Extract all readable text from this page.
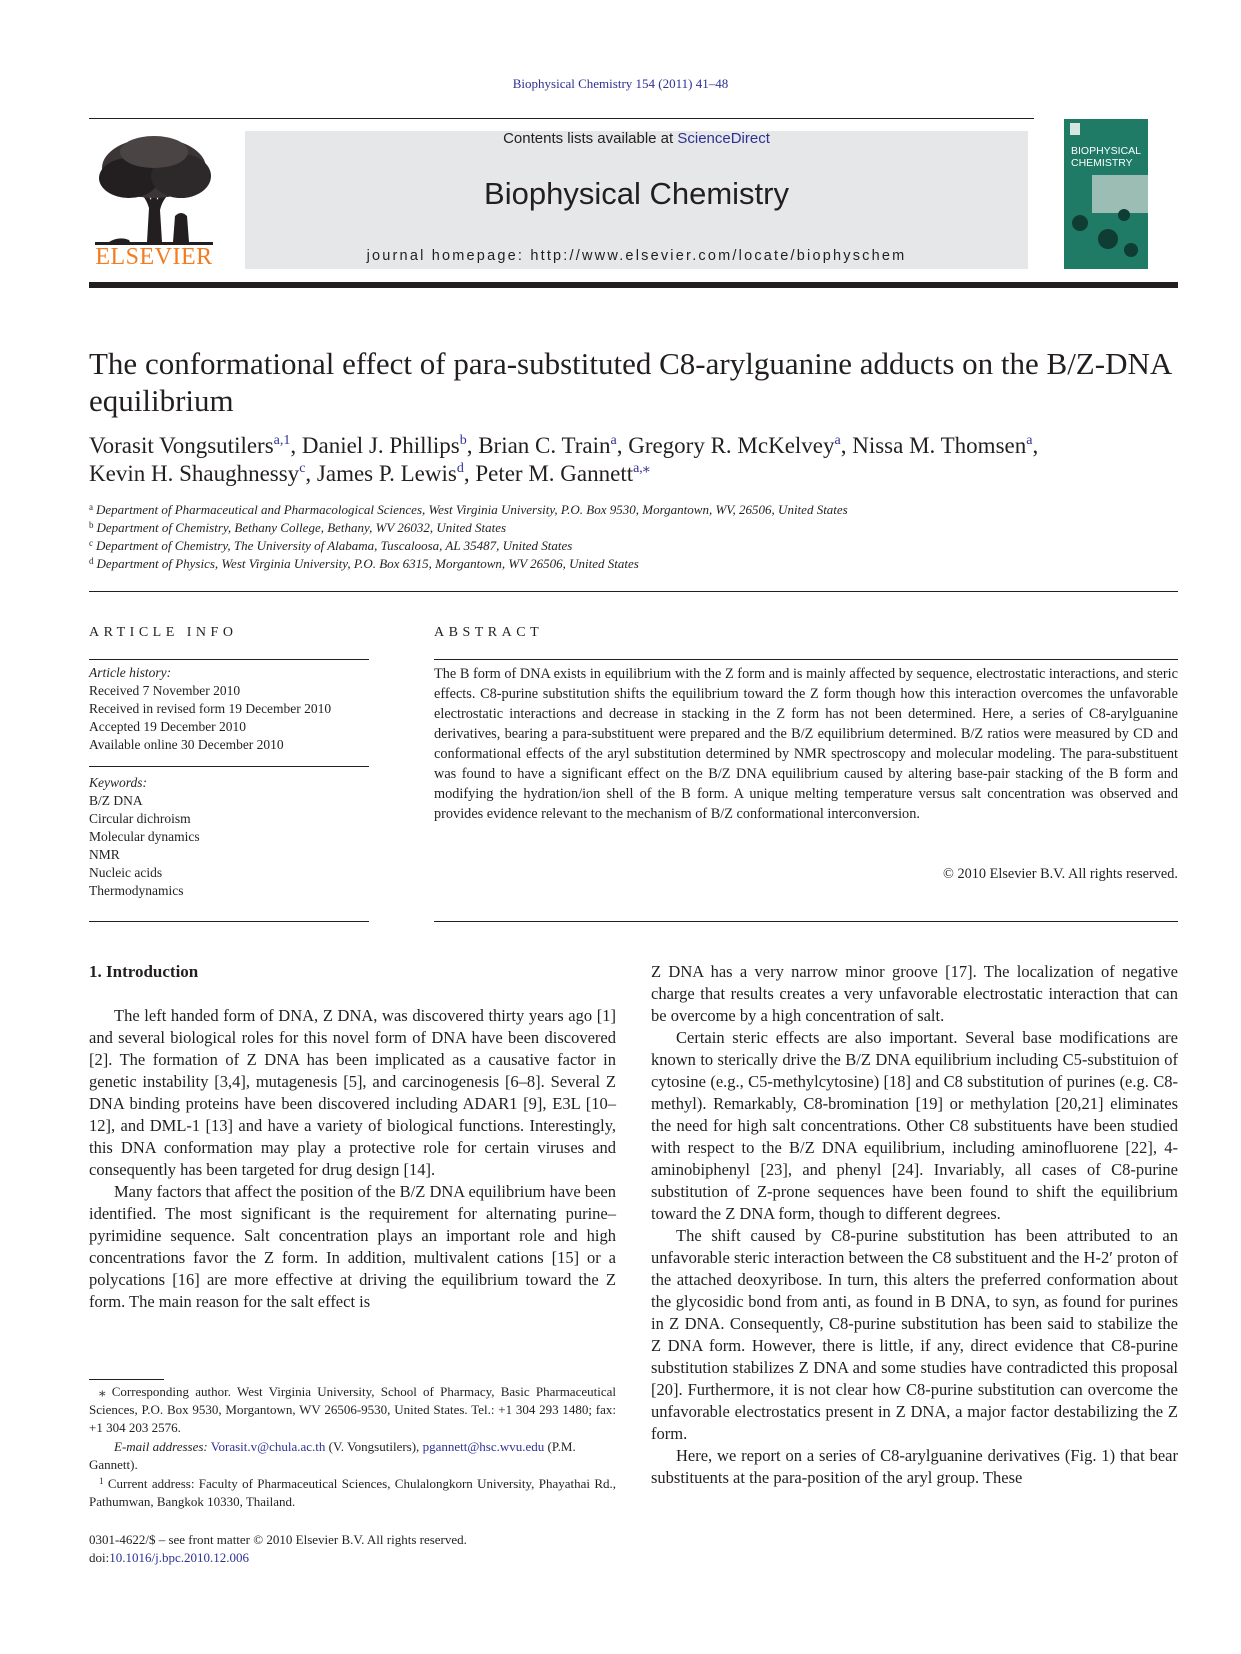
Biophysical Chemistry 154 (2011) 41–48
ELSEVIER
Contents lists available at ScienceDirect
Biophysical Chemistry
journal homepage: http://www.elsevier.com/locate/biophyschem
BIOPHYSICAL CHEMISTRY
The conformational effect of para-substituted C8-arylguanine adducts on the B/Z-DNA equilibrium
Vorasit Vongsutilers$^{a,1}$, Daniel J. Phillips$^b$, Brian C. Train$^a$, Gregory R. McKelvey$^a$, Nissa M. Thomsen$^a$,
Kevin H. Shaughnessy$^c$, James P. Lewis$^d$, Peter M. Gannett$^{a,⁎}$
$^a$ Department of Pharmaceutical and Pharmacological Sciences, West Virginia University, P.O. Box 9530, Morgantown, WV, 26506, United States
$^b$ Department of Chemistry, Bethany College, Bethany, WV 26032, United States
$^c$ Department of Chemistry, The University of Alabama, Tuscaloosa, AL 35487, United States
$^d$ Department of Physics, West Virginia University, P.O. Box 6315, Morgantown, WV 26506, United States
ARTICLE INFO
Article history:
Received 7 November 2010
Received in revised form 19 December 2010
Accepted 19 December 2010
Available online 30 December 2010
Keywords:
B/Z DNA
Circular dichroism
Molecular dynamics
NMR
Nucleic acids
Thermodynamics
ABSTRACT
The B form of DNA exists in equilibrium with the Z form and is mainly affected by sequence, electrostatic interactions, and steric effects. C8-purine substitution shifts the equilibrium toward the Z form though how this interaction overcomes the unfavorable electrostatic interactions and decrease in stacking in the Z form has not been determined. Here, a series of C8-arylguanine derivatives, bearing a para-substituent were prepared and the B/Z equilibrium determined. B/Z ratios were measured by CD and conformational effects of the aryl substitution determined by NMR spectroscopy and molecular modeling. The para-substituent was found to have a significant effect on the B/Z DNA equilibrium caused by altering base-pair stacking of the B form and modifying the hydration/ion shell of the B form. A unique melting temperature versus salt concentration was observed and provides evidence relevant to the mechanism of B/Z conformational interconversion.
© 2010 Elsevier B.V. All rights reserved.
1. Introduction

The left handed form of DNA, Z DNA, was discovered thirty years ago [1] and several biological roles for this novel form of DNA have been discovered [2]. The formation of Z DNA has been implicated as a causative factor in genetic instability [3,4], mutagenesis [5], and carcinogenesis [6–8]. Several Z DNA binding proteins have been discovered including ADAR1 [9], E3L [10–12], and DML-1 [13] and have a variety of biological functions. Interestingly, this DNA conformation may play a protective role for certain viruses and consequently has been targeted for drug design [14].

Many factors that affect the position of the B/Z DNA equilibrium have been identified. The most significant is the requirement for alternating purine–pyrimidine sequence. Salt concentration plays an important role and high concentrations favor the Z form. In addition, multivalent cations [15] or a polycations [16] are more effective at driving the equilibrium toward the Z form. The main reason for the salt effect is

Z DNA has a very narrow minor groove [17]. The localization of negative charge that results creates a very unfavorable electrostatic interaction that can be overcome by a high concentration of salt.

Certain steric effects are also important. Several base modifications are known to sterically drive the B/Z DNA equilibrium including C5-substituion of cytosine (e.g., C5-methylcytosine) [18] and C8 substitution of purines (e.g. C8-methyl). Remarkably, C8-bromination [19] or methylation [20,21] eliminates the need for high salt concentrations. Other C8 substituents have been studied with respect to the B/Z DNA equilibrium, including aminofluorene [22], 4-aminobiphenyl [23], and phenyl [24]. Invariably, all cases of C8-purine substitution of Z-prone sequences have been found to shift the equilibrium toward the Z DNA form, though to different degrees.

The shift caused by C8-purine substitution has been attributed to an unfavorable steric interaction between the C8 substituent and the H-2′ proton of the attached deoxyribose. In turn, this alters the preferred conformation about the glycosidic bond from anti, as found in B DNA, to syn, as found for purines in Z DNA. Consequently, C8-purine substitution has been said to stabilize the Z DNA form. However, there is little, if any, direct evidence that C8-purine substitution stabilizes Z DNA and some studies have contradicted this proposal [20]. Furthermore, it is not clear how C8-purine substitution can overcome the unfavorable electrostatics present in Z DNA, a major factor destabilizing the Z form.

Here, we report on a series of C8-arylguanine derivatives (Fig. 1) that bear substituents at the para-position of the aryl group. These

⁎ Corresponding author. West Virginia University, School of Pharmacy, Basic Pharmaceutical Sciences, P.O. Box 9530, Morgantown, WV 26506-9530, United States. Tel.: +1 304 293 1480; fax: +1 304 203 2576.

E-mail addresses: Vorasit.v@chula.ac.th (V. Vongsutilers), pgannett@hsc.wvu.edu (P.M. Gannett).

$^1$ Current address: Faculty of Pharmaceutical Sciences, Chulalongkorn University, Phayathai Rd., Pathumwan, Bangkok 10330, Thailand.

0301-4622/$ – see front matter © 2010 Elsevier B.V. All rights reserved.
doi:10.1016/j.bpc.2010.12.006
